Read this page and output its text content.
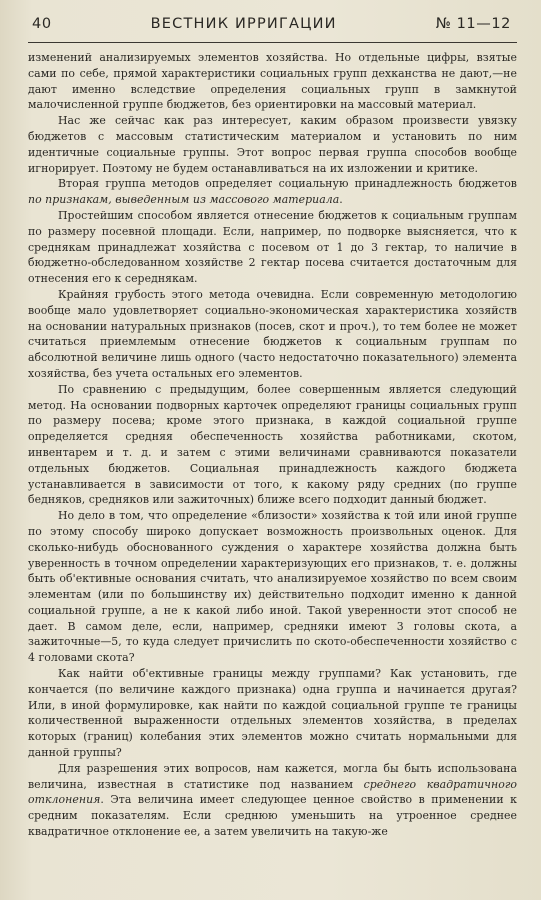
40	ВЕСТНИК ИРРИГАЦИИ	№ 11—12

изменений анализируемых элементов хозяйства. Но отдельные цифры, взятые сами по себе, прямой характеристики социальных групп дехканства не дают,—не дают именно вследствие определения социальных групп в замкнутой малочисленной группе бюджетов, без ориентировки на массовый материал.

Нас же сейчас как раз интересует, каким образом произвести увязку бюджетов с массовым статистическим материалом и установить по ним идентичные социальные группы. Этот вопрос первая группа способов вообще игнорирует. Поэтому не будем останавливаться на их изложении и критике.

Вторая группа методов определяет социальную принадлежность бюджетов по признакам, выведенным из массового материала.

Простейшим способом является отнесение бюджетов к социальным группам по размеру посевной площади. Если, например, по подворке выясняется, что к среднякам принадлежат хозяйства с посевом от 1 до 3 гектар, то наличие в бюджетно-обследованном хозяйстве 2 гектар посева считается достаточным для отнесения его к середнякам.

Крайняя грубость этого метода очевидна. Если современную методологию вообще мало удовлетворяет социально-экономическая характеристика хозяйств на основании натуральных признаков (посев, скот и проч.), то тем более не может считаться приемлемым отнесение бюджетов к социальным группам по абсолютной величине лишь одного (часто недостаточно показательного) элемента хозяйства, без учета остальных его элементов.

По сравнению с предыдущим, более совершенным является следующий метод. На основании подворных карточек определяют границы социальных групп по размеру посева; кроме этого признака, в каждой социальной группе определяется средняя обеспеченность хозяйства работниками, скотом, инвентарем и т. д. и затем с этими величинами сравниваются показатели отдельных бюджетов. Социальная принадлежность каждого бюджета устанавливается в зависимости от того, к какому ряду средних (по группе бедняков, средняков или зажиточных) ближе всего подходит данный бюджет.

Но дело в том, что определение «близости» хозяйства к той или иной группе по этому способу широко допускает возможность произвольных оценок. Для сколько-нибудь обоснованного суждения о характере хозяйства должна быть уверенность в точном определении характеризующих его признаков, т. е. должны быть об'ективные основания считать, что анализируемое хозяйство по всем своим элементам (или по большинству их) действительно подходит именно к данной социальной группе, а не к какой либо иной. Такой уверенности этот способ не дает. В самом деле, если, например, средняки имеют 3 головы скота, а зажиточные—5, то куда следует причислить по ското-обеспеченности хозяйство с 4 головами скота?

Как найти об'ективные границы между группами? Как установить, где кончается (по величине каждого признака) одна группа и начинается другая? Или, в иной формулировке, как найти по каждой социальной группе те границы количественной выраженности отдельных элементов хозяйства, в пределах которых (границ) колебания этих элементов можно считать нормальными для данной группы?

Для разрешения этих вопросов, нам кажется, могла бы быть использована величина, известная в статистике под названием среднего квадратичного отклонения. Эта величина имеет следующее ценное свойство в применении к средним показателям. Если среднюю уменьшить на утроенное среднее квадратичное отклонение ее, а затем увеличить на такую-же
